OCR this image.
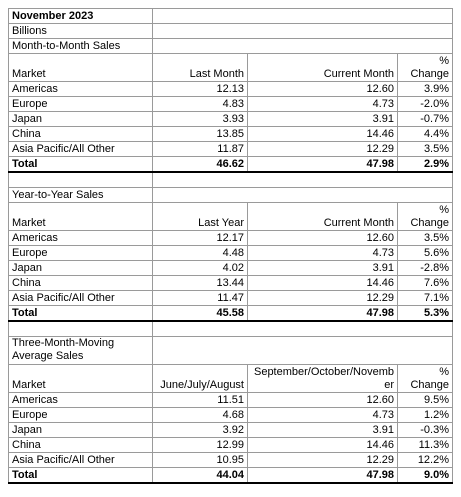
November 2023			
Billions			
Month-to-Month Sales			
Market	Last Month	Current Month	% Change
Americas	12.13	12.60	3.9%
Europe	4.83	4.73	-2.0%
Japan	3.93	3.91	-0.7%
China	13.85	14.46	4.4%
Asia Pacific/All Other	11.87	12.29	3.5%
Total	46.62	47.98	2.9%

Year-to-Year Sales			
Market	Last Year	Current Month	% Change
Americas	12.17	12.60	3.5%
Europe	4.48	4.73	5.6%
Japan	4.02	3.91	-2.8%
China	13.44	14.46	7.6%
Asia Pacific/All Other	11.47	12.29	7.1%
Total	45.58	47.98	5.3%

Three-Month-Moving Average Sales			
Market	June/July/August	September/October/November	% Change
Americas	11.51	12.60	9.5%
Europe	4.68	4.73	1.2%
Japan	3.92	3.91	-0.3%
China	12.99	14.46	11.3%
Asia Pacific/All Other	10.95	12.29	12.2%
Total	44.04	47.98	9.0%
